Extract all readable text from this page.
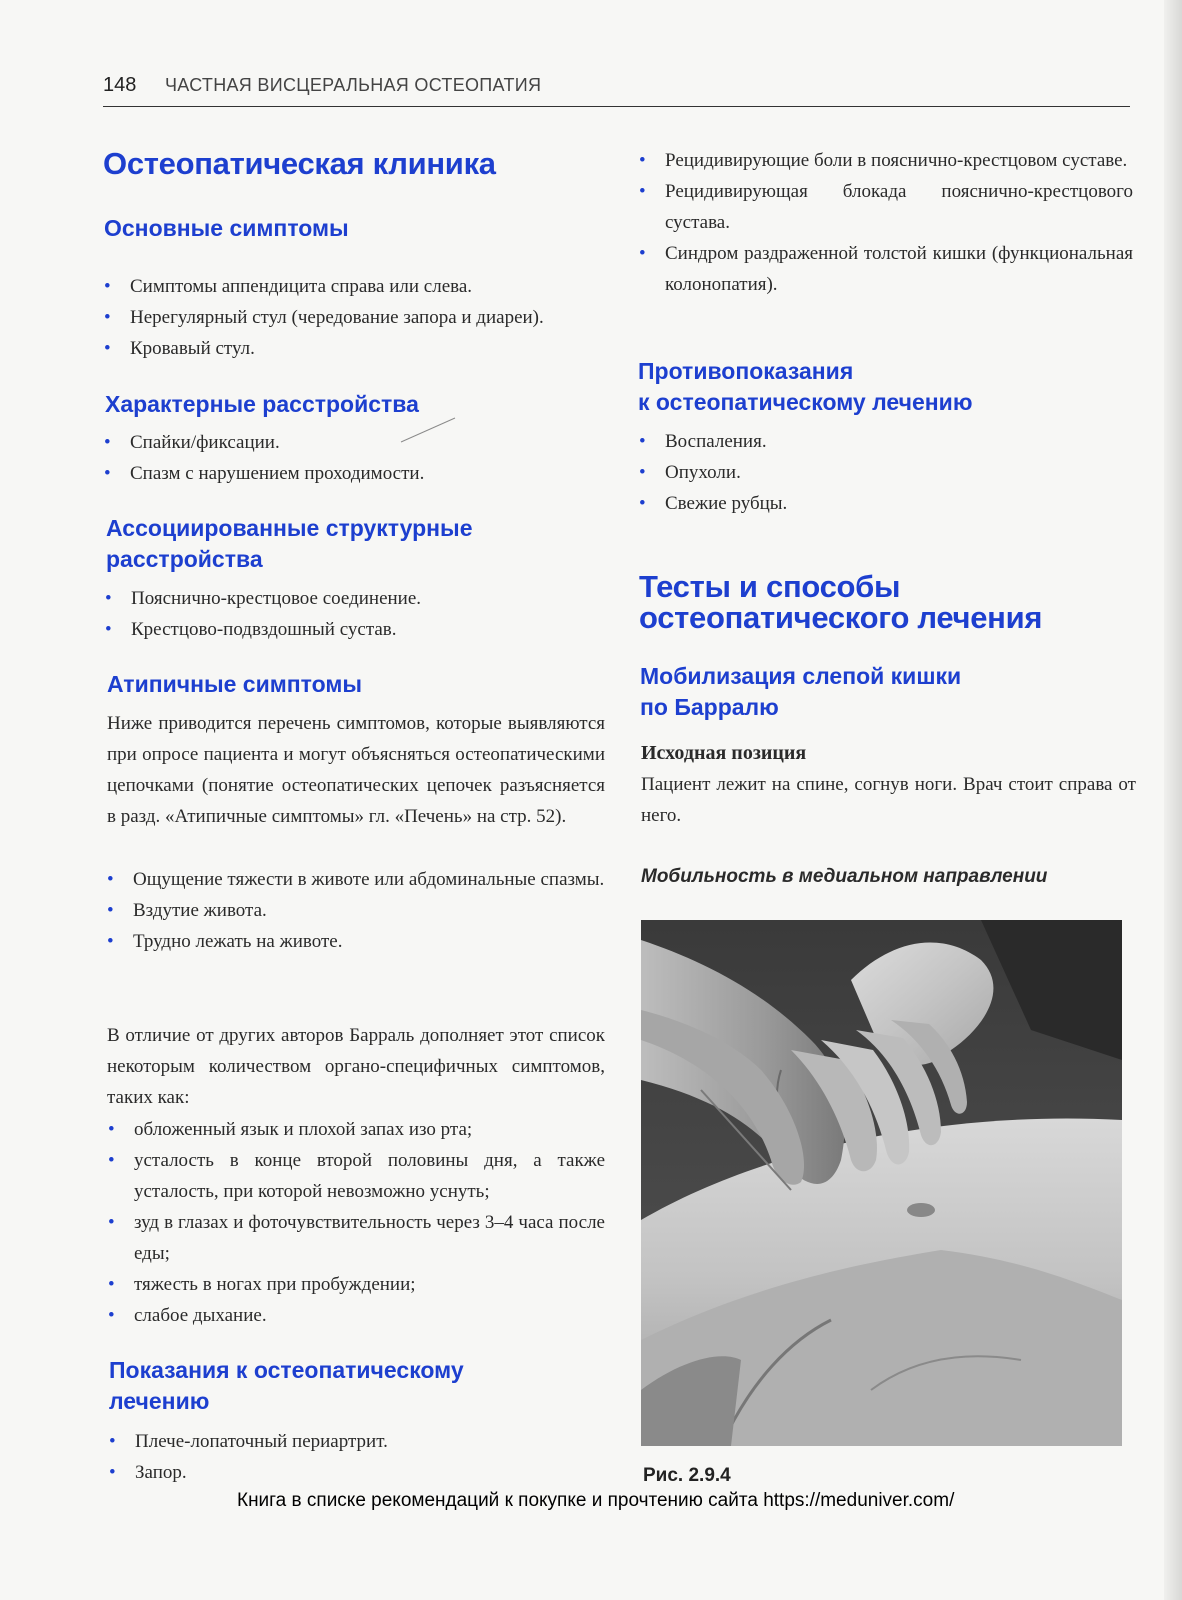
148 ЧАСТНАЯ ВИСЦЕРАЛЬНАЯ ОСТЕОПАТИЯ
Остеопатическая клиника
Основные симптомы
• Симптомы аппендицита справа или слева.
• Нерегулярный стул (чередование запора и диареи).
• Кровавый стул.
Характерные расстройства
• Спайки/фиксации.
• Спазм с нарушением проходимости.
Ассоциированные структурные
расстройства
• Пояснично-крестцовое соединение.
• Крестцово-подвздошный сустав.
Атипичные симптомы

Ниже приводится перечень симптомов, которые выявляются при опросе пациента и могут объясняться остеопатическими цепочками (понятие остеопатических цепочек разъясняется в разд. «Атипичные симптомы» гл. «Печень» на стр. 52).

• Ощущение тяжести в животе или абдоминальные спазмы.
• Вздутие живота.
• Трудно лежать на животе.

В отличие от других авторов Барраль дополняет этот список некоторым количеством органо-специфичных симптомов, таких как:

• обложенный язык и плохой запах изо рта;
• усталость в конце второй половины дня, а также усталость, при которой невозможно уснуть;
• зуд в глазах и фоточувствительность через 3–4 часа после еды;
• тяжесть в ногах при пробуждении;
• слабое дыхание.
Показания к остеопатическому
лечению
• Плече-лопаточный периартрит.
• Запор.
• Рецидивирующие боли в пояснично-крестцовом суставе.
• Рецидивирующая блокада пояснично-крестцового сустава.
• Синдром раздраженной толстой кишки (функциональная колонопатия).
Противопоказания
к остеопатическому лечению
• Воспаления.
• Опухоли.
• Свежие рубцы.
Тесты и способы
остеопатического лечения
Мобилизация слепой кишки
по Барралю
Исходная позиция

Пациент лежит на спине, согнув ноги. Врач стоит справа от него.

Мобильность в медиальном направлении
Рис. 2.9.4
Книга в списке рекомендаций к покупке и прочтению сайта https://meduniver.com/
